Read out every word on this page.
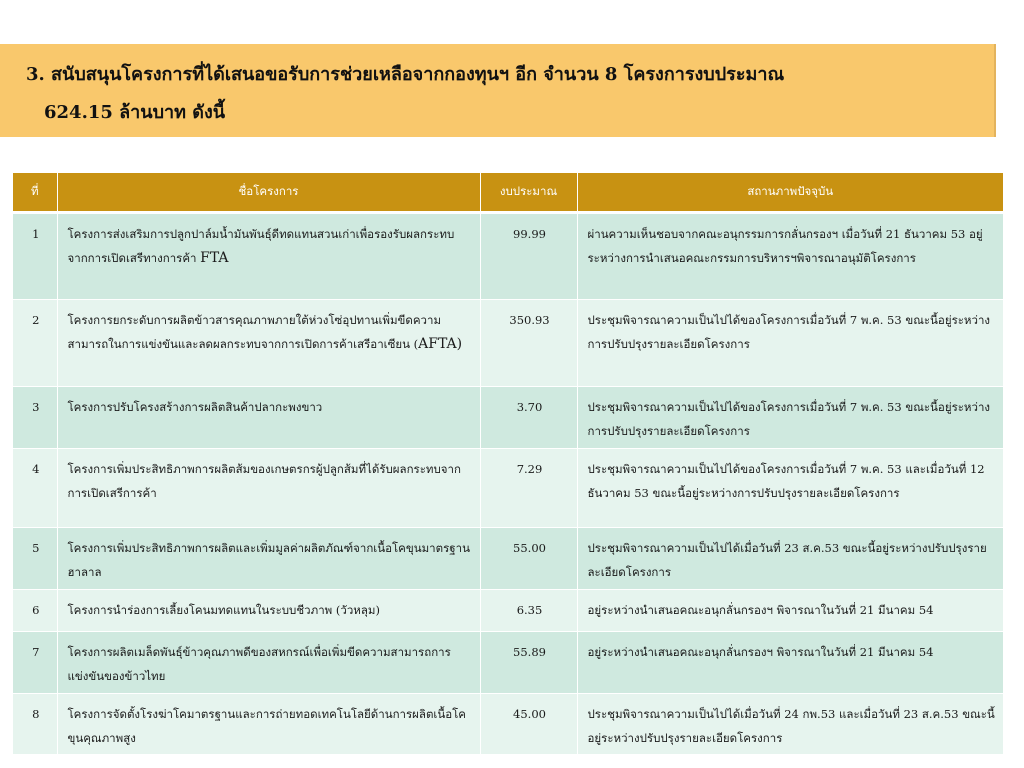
3. สนับสนุนโครงการที่ได้เสนอขอรับการช่วยเหลือจากกองทุนฯ อีก จำนวน 8 โครงการงบประมาณ
624.15 ล้านบาท ดังนี้
ที่	ชื่อโครงการ	งบประมาณ	สถานภาพปัจจุบัน
1	โครงการส่งเสริมการปลูกปาล์มน้ำมันพันธุ์ดีทดแทนสวนเก่าเพื่อรองรับผลกระทบจากการเปิดเสรีทางการค้า FTA	99.99	ผ่านความเห็นชอบจากคณะอนุกรรมการกลั่นกรองฯ เมื่อวันที่ 21 ธันวาคม 53 อยู่ระหว่างการนำเสนอคณะกรรมการบริหารฯพิจารณาอนุมัติโครงการ
2	โครงการยกระดับการผลิตข้าวสารคุณภาพภายใต้ห่วงโซ่อุปทานเพิ่มขีดความสามารถในการแข่งขันและลดผลกระทบจากการเปิดการค้าเสรีอาเซียน (AFTA)	350.93	ประชุมพิจารณาความเป็นไปได้ของโครงการเมื่อวันที่ 7 พ.ค. 53 ขณะนี้อยู่ระหว่างการปรับปรุงรายละเอียดโครงการ
3	โครงการปรับโครงสร้างการผลิตสินค้าปลากะพงขาว	3.70	ประชุมพิจารณาความเป็นไปได้ของโครงการเมื่อวันที่ 7 พ.ค. 53 ขณะนี้อยู่ระหว่างการปรับปรุงรายละเอียดโครงการ
4	โครงการเพิ่มประสิทธิภาพการผลิตส้มของเกษตรกรผู้ปลูกส้มที่ได้รับผลกระทบจากการเปิดเสรีการค้า	7.29	ประชุมพิจารณาความเป็นไปได้ของโครงการเมื่อวันที่ 7 พ.ค. 53 และเมื่อวันที่ 12 ธันวาคม 53 ขณะนี้อยู่ระหว่างการปรับปรุงรายละเอียดโครงการ
5	โครงการเพิ่มประสิทธิภาพการผลิตและเพิ่มมูลค่าผลิตภัณฑ์จากเนื้อโคขุนมาตรฐานฮาลาล	55.00	ประชุมพิจารณาความเป็นไปได้เมื่อวันที่ 23 ส.ค.53 ขณะนี้อยู่ระหว่างปรับปรุงรายละเอียดโครงการ
6	โครงการนำร่องการเลี้ยงโคนมทดแทนในระบบชีวภาพ (วัวหลุม)	6.35	อยู่ระหว่างนำเสนอคณะอนุกลั่นกรองฯ พิจารณาในวันที่ 21 มีนาคม 54
7	โครงการผลิตเมล็ดพันธุ์ข้าวคุณภาพดีของสหกรณ์เพื่อเพิ่มขีดความสามารถการแข่งขันของข้าวไทย	55.89	อยู่ระหว่างนำเสนอคณะอนุกลั่นกรองฯ พิจารณาในวันที่ 21 มีนาคม 54
8	โครงการจัดตั้งโรงฆ่าโคมาตรฐานและการถ่ายทอดเทคโนโลยีด้านการผลิตเนื้อโคขุนคุณภาพสูง	45.00	ประชุมพิจารณาความเป็นไปได้เมื่อวันที่ 24 กพ.53 และเมื่อวันที่ 23 ส.ค.53 ขณะนี้อยู่ระหว่างปรับปรุงรายละเอียดโครงการ
